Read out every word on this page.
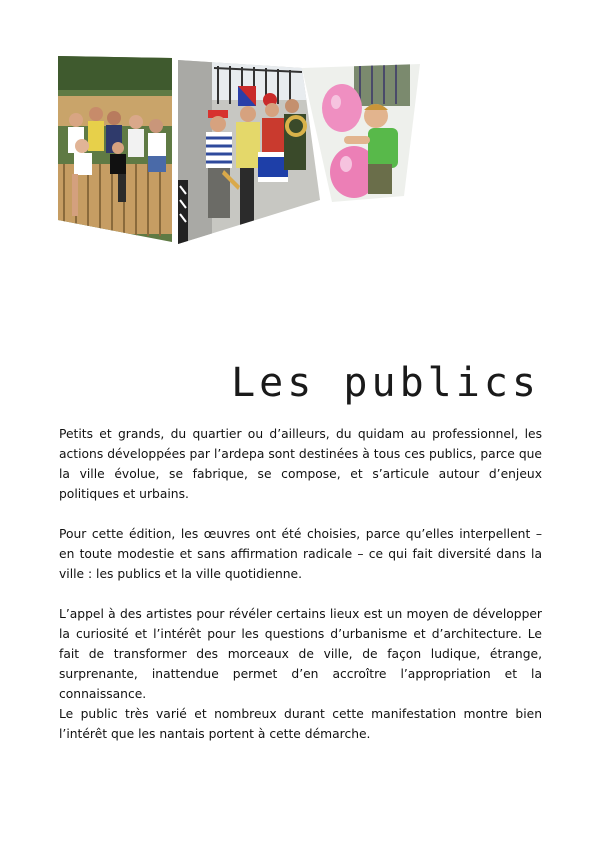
Les publics

Petits et grands, du quartier ou d’ailleurs, du quidam au professionnel, les actions développées par l’ardepa sont destinées à tous ces publics, parce que la ville évolue, se fabrique, se compose, et s’articule autour d’enjeux politiques et urbains.

Pour cette édition, les œuvres ont été choisies, parce qu’elles interpellent – en toute modestie et sans affirmation radicale – ce qui fait diversité dans la ville : les publics et la ville quotidienne.

L’appel à des artistes pour révéler certains lieux est un moyen de développer la curiosité et l’intérêt pour les questions d’urbanisme et d’architecture. Le fait de transformer des morceaux de ville, de façon ludique, étrange, surprenante, inattendue permet d’en accroître l’appropriation et la connaissance.

Le public très varié et nombreux durant cette manifestation montre bien l’intérêt que les nantais portent à cette démarche.
